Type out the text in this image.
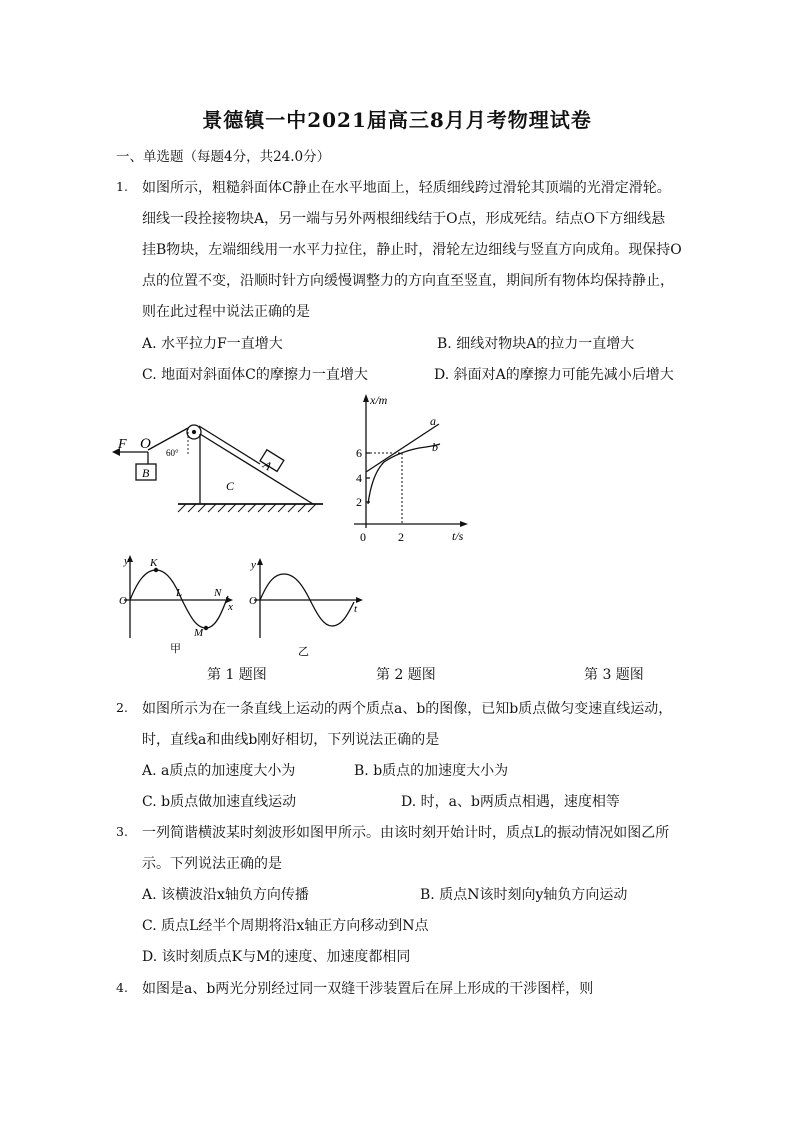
景德镇一中2021届高三8月月考物理试卷
一、单选题（每题4分，共24.0分）
1. 如图所示，粗糙斜面体C静止在水平地面上，轻质细线跨过滑轮其顶端的光滑定滑轮。
细线一段拴接物块A，另一端与另外两根细线结于O点，形成死结。结点O下方细线悬
挂B物块，左端细线用一水平力拉住，静止时，滑轮左边细线与竖直方向成角。现保持O
点的位置不变，沿顺时针方向缓慢调整力的方向直至竖直，期间所有物体均保持静止，
则在此过程中说法正确的是
A. 水平拉力F一直增大	B. 细线对物块A的拉力一直增大
C. 地面对斜面体C的摩擦力一直增大	D. 斜面对A的摩擦力可能先减小后增大
F O
B	A
C
60°
x/m
t/s
2
4
6
0	2
a
b
y
O	x
K
L	N
M
甲
y
O
t
乙
第 1 题图	第 2 题图	第 3 题图
2. 如图所示为在一条直线上运动的两个质点a、b的图像，已知b质点做匀变速直线运动，
时，直线a和曲线b刚好相切，下列说法正确的是
A. a质点的加速度大小为	B. b质点的加速度大小为
C. b质点做加速直线运动	D. 时，a、b两质点相遇，速度相等
3. 一列简谐横波某时刻波形如图甲所示。由该时刻开始计时，质点L的振动情况如图乙所
示。下列说法正确的是
A. 该横波沿x轴负方向传播	B. 质点N该时刻向y轴负方向运动
C. 质点L经半个周期将沿x轴正方向移动到N点
D. 该时刻质点K与M的速度、加速度都相同
4. 如图是a、b两光分别经过同一双缝干涉装置后在屏上形成的干涉图样，则
